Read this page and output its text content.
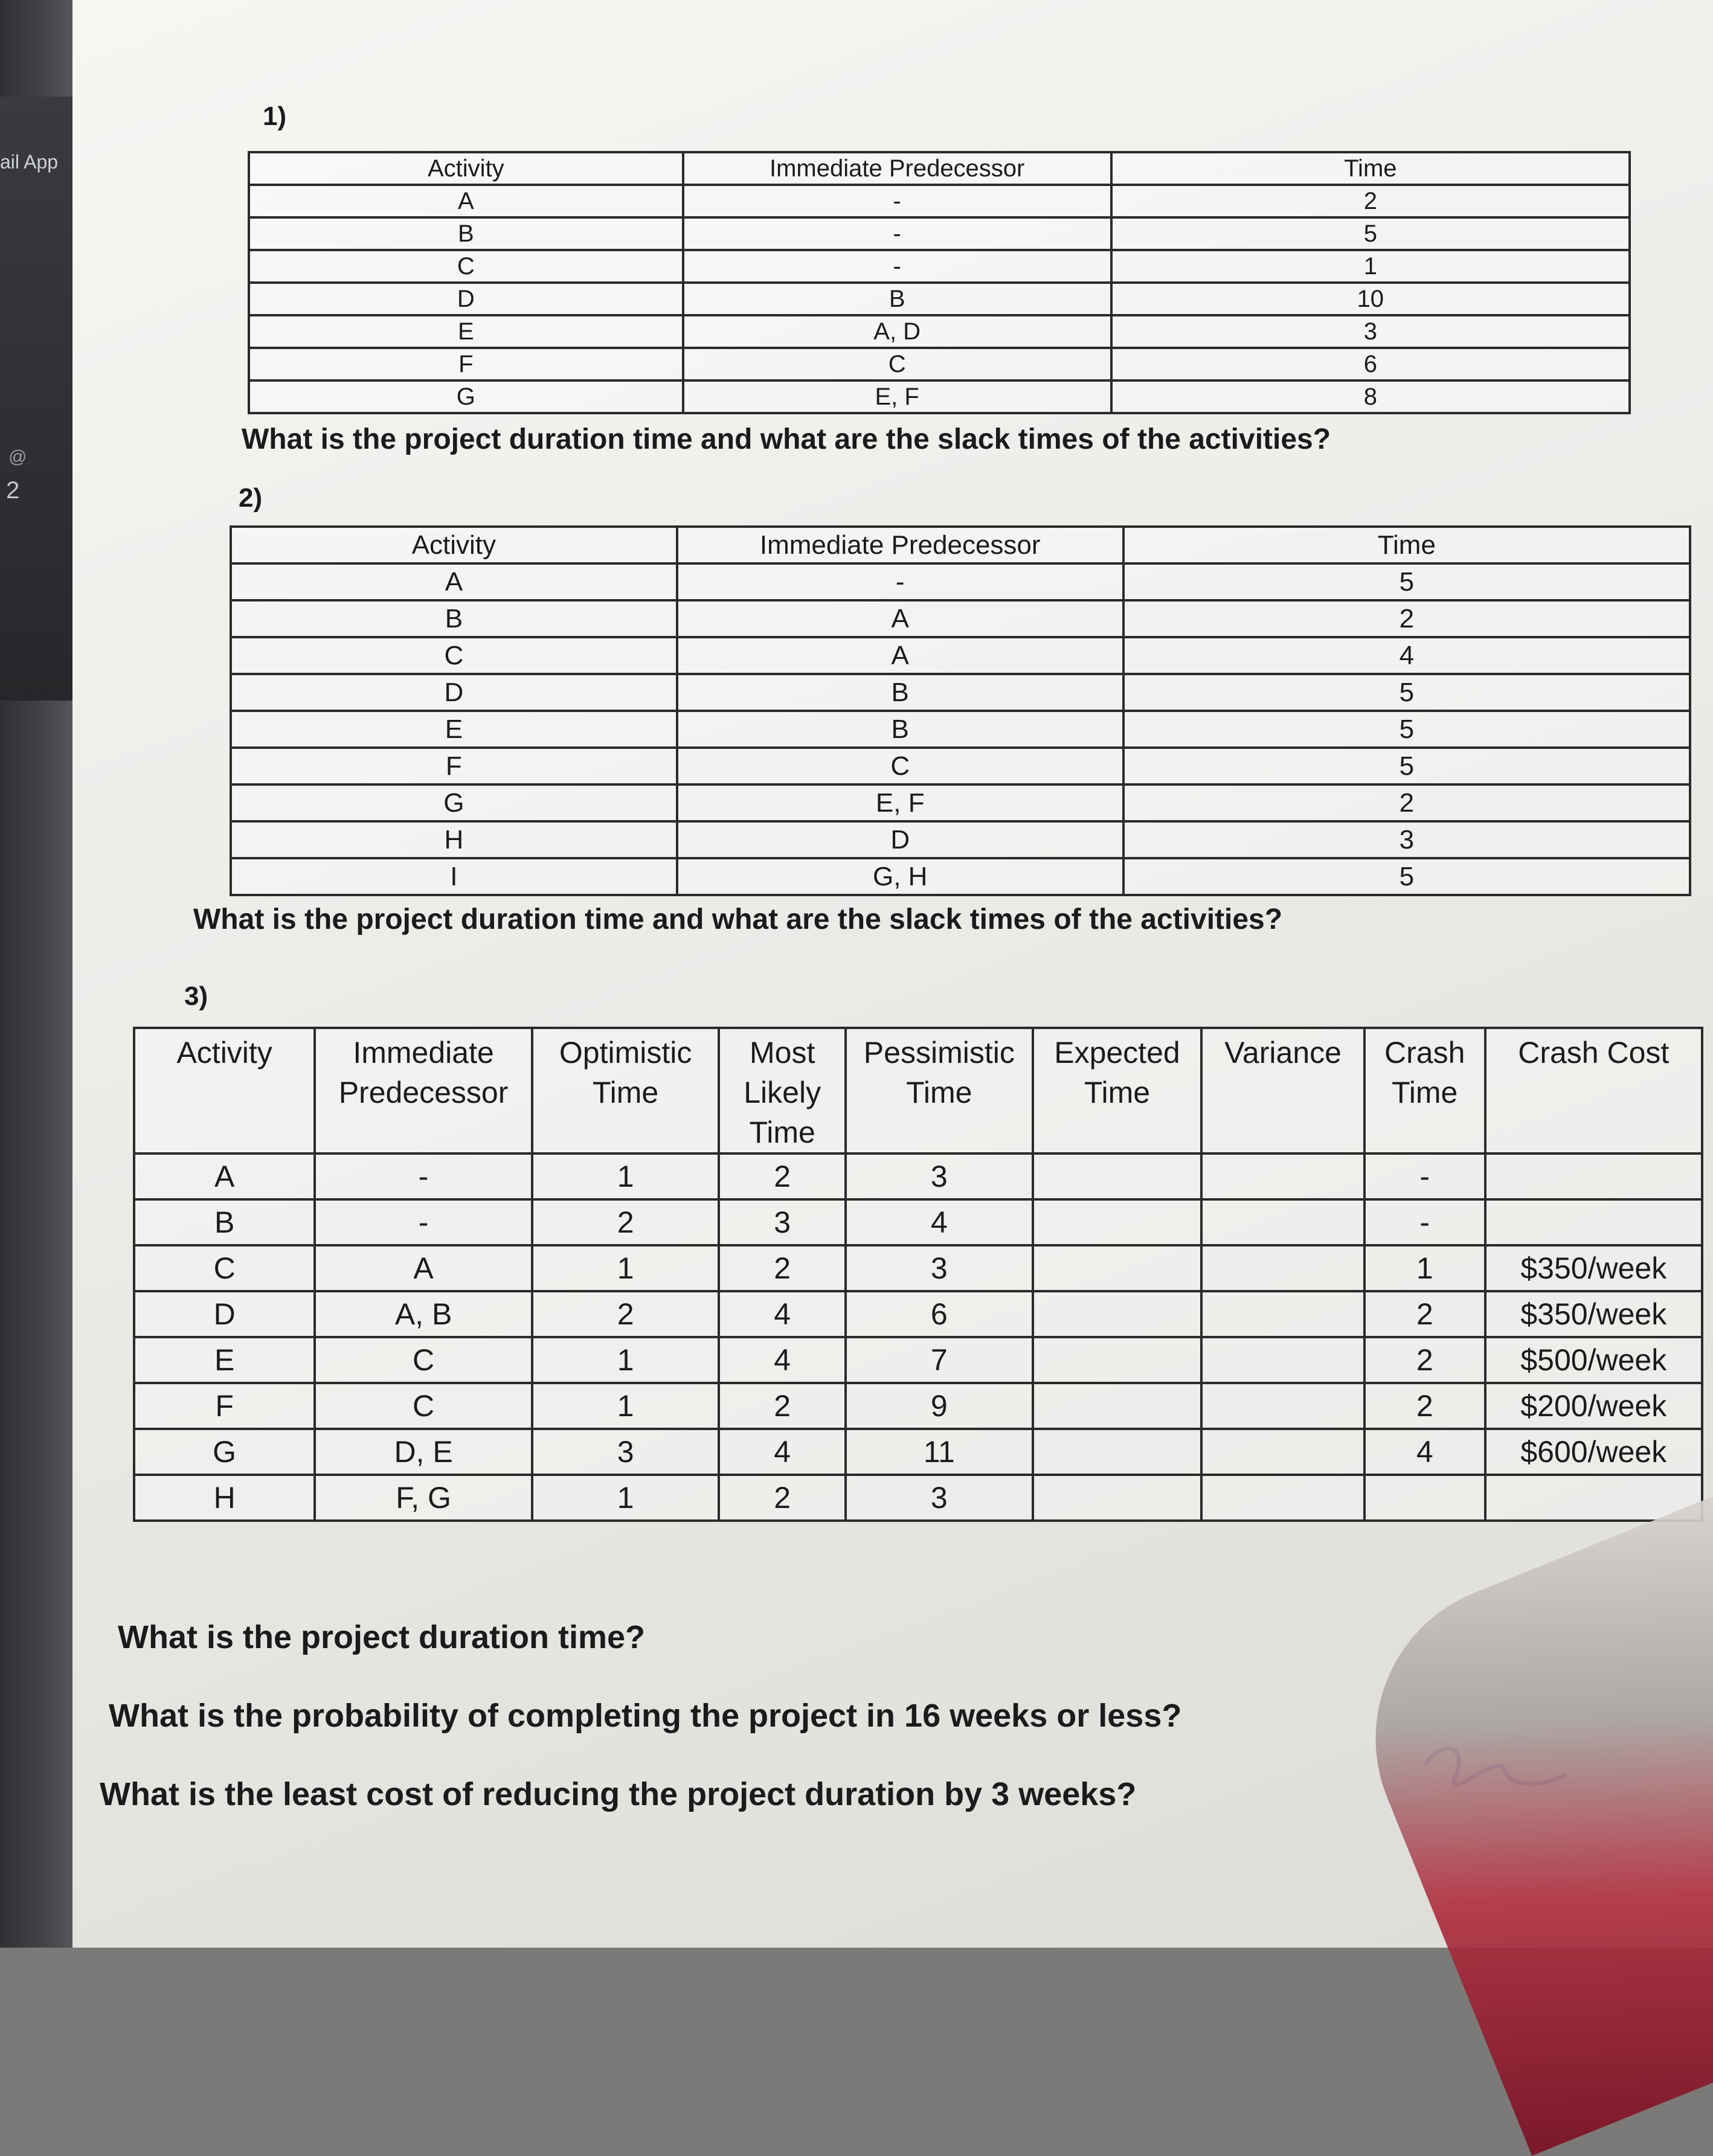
ail App
@
2
1)
Activity	Immediate Predecessor	Time
A	-	2
B	-	5
C	-	1
D	B	10
E	A, D	3
F	C	6
G	E, F	8
What is the project duration time and what are the slack times of the activities?
2)
Activity	Immediate Predecessor	Time
A	-	5
B	A	2
C	A	4
D	B	5
E	B	5
F	C	5
G	E, F	2
H	D	3
I	G, H	5
What is the project duration time and what are the slack times of the activities?
3)
Activity	Immediate Predecessor	Optimistic Time	Most Likely Time	Pessimistic Time	Expected Time	Variance	Crash Time	Crash Cost
A	-	1	2	3			-	
B	-	2	3	4			-	
C	A	1	2	3			1	$350/week
D	A, B	2	4	6			2	$350/week
E	C	1	4	7			2	$500/week
F	C	1	2	9			2	$200/week
G	D, E	3	4	11			4	$600/week
H	F, G	1	2	3				
What is the project duration time?
What is the probability of completing the project in 16 weeks or less?
What is the least cost of reducing the project duration by 3 weeks?
